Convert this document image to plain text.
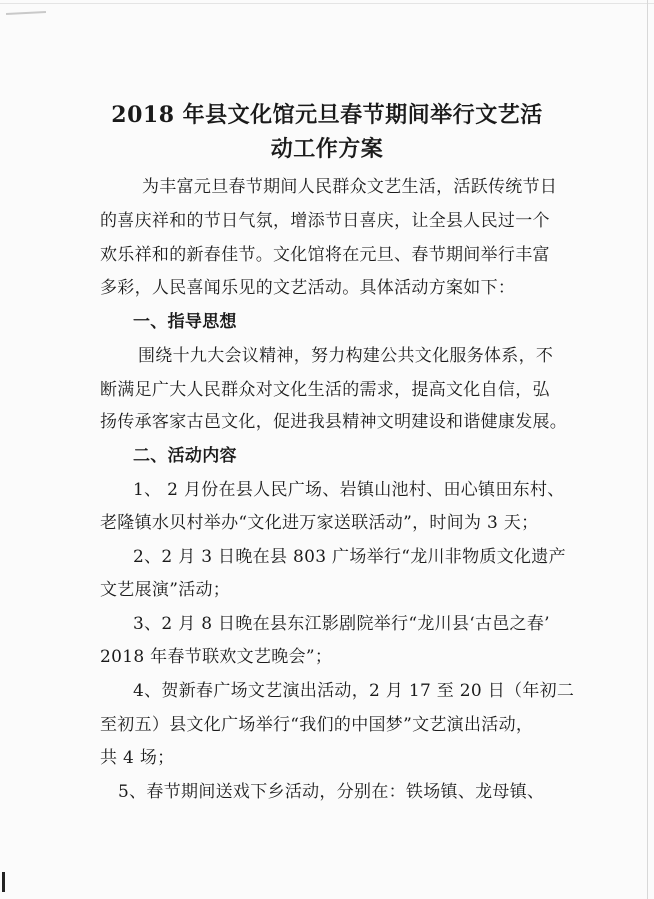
2018 年县文化馆元旦春节期间举行文艺活
动工作方案
为丰富元旦春节期间人民群众文艺生活，活跃传统节日
的喜庆祥和的节日气氛，增添节日喜庆，让全县人民过一个
欢乐祥和的新春佳节。文化馆将在元旦、春节期间举行丰富
多彩，人民喜闻乐见的文艺活动。具体活动方案如下：
一、指导思想
围绕十九大会议精神，努力构建公共文化服务体系，不
断满足广大人民群众对文化生活的需求，提高文化自信，弘
扬传承客家古邑文化，促进我县精神文明建设和谐健康发展。
二、活动内容
1、 2 月份在县人民广场、岩镇山池村、田心镇田东村、
老隆镇水贝村举办“文化进万家送联活动”，时间为 3 天；
2、2 月 3 日晚在县 803 广场举行“龙川非物质文化遗产
文艺展演”活动；
3、2 月 8 日晚在县东江影剧院举行“龙川县‘古邑之春’
2018 年春节联欢文艺晚会”；
4、贺新春广场文艺演出活动，2 月 17 至 20 日（年初二
至初五）县文化广场举行“我们的中国梦”文艺演出活动，
共 4 场；
5、春节期间送戏下乡活动，分别在：铁场镇、龙母镇、
